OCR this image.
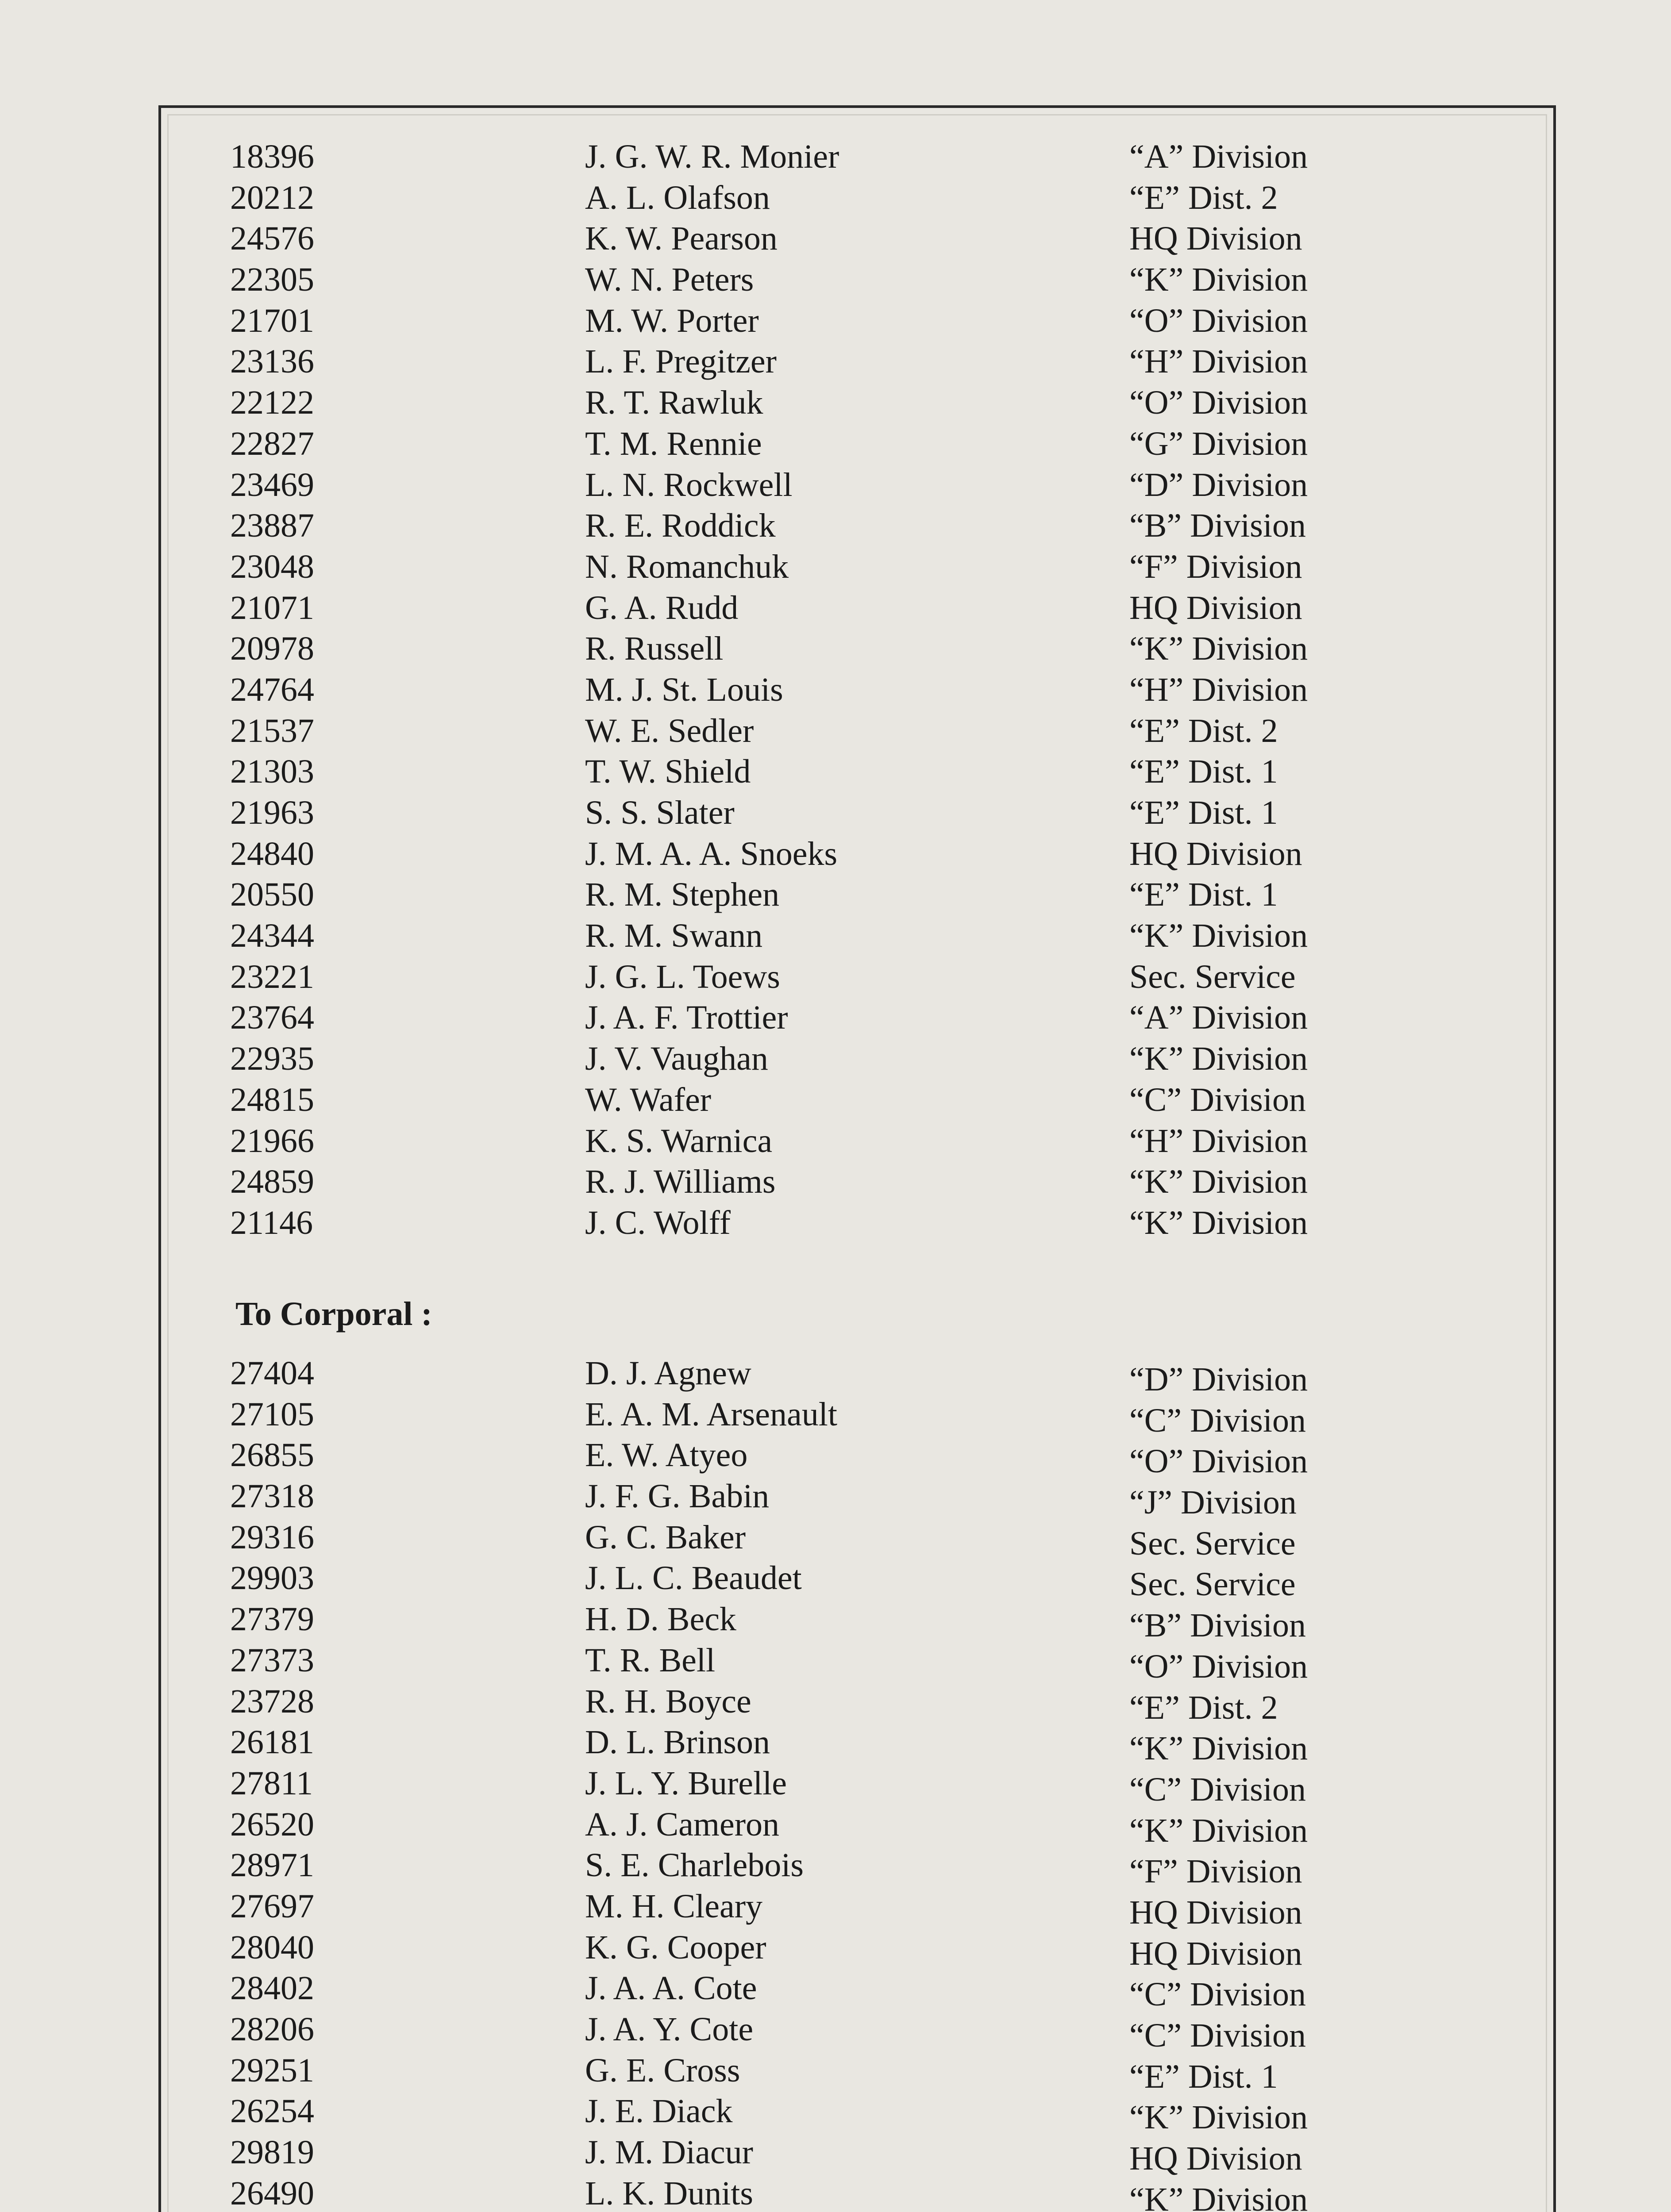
18396	J. G. W. R. Monier	“A” Division
20212	A. L. Olafson	“E” Dist. 2
24576	K. W. Pearson	HQ Division
22305	W. N. Peters	“K” Division
21701	M. W. Porter	“O” Division
23136	L. F. Pregitzer	“H” Division
22122	R. T. Rawluk	“O” Division
22827	T. M. Rennie	“G” Division
23469	L. N. Rockwell	“D” Division
23887	R. E. Roddick	“B” Division
23048	N. Romanchuk	“F” Division
21071	G. A. Rudd	HQ Division
20978	R. Russell	“K” Division
24764	M. J. St. Louis	“H” Division
21537	W. E. Sedler	“E” Dist. 2
21303	T. W. Shield	“E” Dist. 1
21963	S. S. Slater	“E” Dist. 1
24840	J. M. A. A. Snoeks	HQ Division
20550	R. M. Stephen	“E” Dist. 1
24344	R. M. Swann	“K” Division
23221	J. G. L. Toews	Sec. Service
23764	J. A. F. Trottier	“A” Division
22935	J. V. Vaughan	“K” Division
24815	W. Wafer	“C” Division
21966	K. S. Warnica	“H” Division
24859	R. J. Williams	“K” Division
21146	J. C. Wolff	“K” Division
To Corporal :
27404	D. J. Agnew	“D” Division
27105	E. A. M. Arsenault	“C” Division
26855	E. W. Atyeo	“O” Division
27318	J. F. G. Babin	“J” Division
29316	G. C. Baker	Sec. Service
29903	J. L. C. Beaudet	Sec. Service
27379	H. D. Beck	“B” Division
27373	T. R. Bell	“O” Division
23728	R. H. Boyce	“E” Dist. 2
26181	D. L. Brinson	“K” Division
27811	J. L. Y. Burelle	“C” Division
26520	A. J. Cameron	“K” Division
28971	S. E. Charlebois	“F” Division
27697	M. H. Cleary	HQ Division
28040	K. G. Cooper	HQ Division
28402	J. A. A. Cote	“C” Division
28206	J. A. Y. Cote	“C” Division
29251	G. E. Cross	“E” Dist. 1
26254	J. E. Diack	“K” Division
29819	J. M. Diacur	HQ Division
26490	L. K. Dunits	“K” Division
